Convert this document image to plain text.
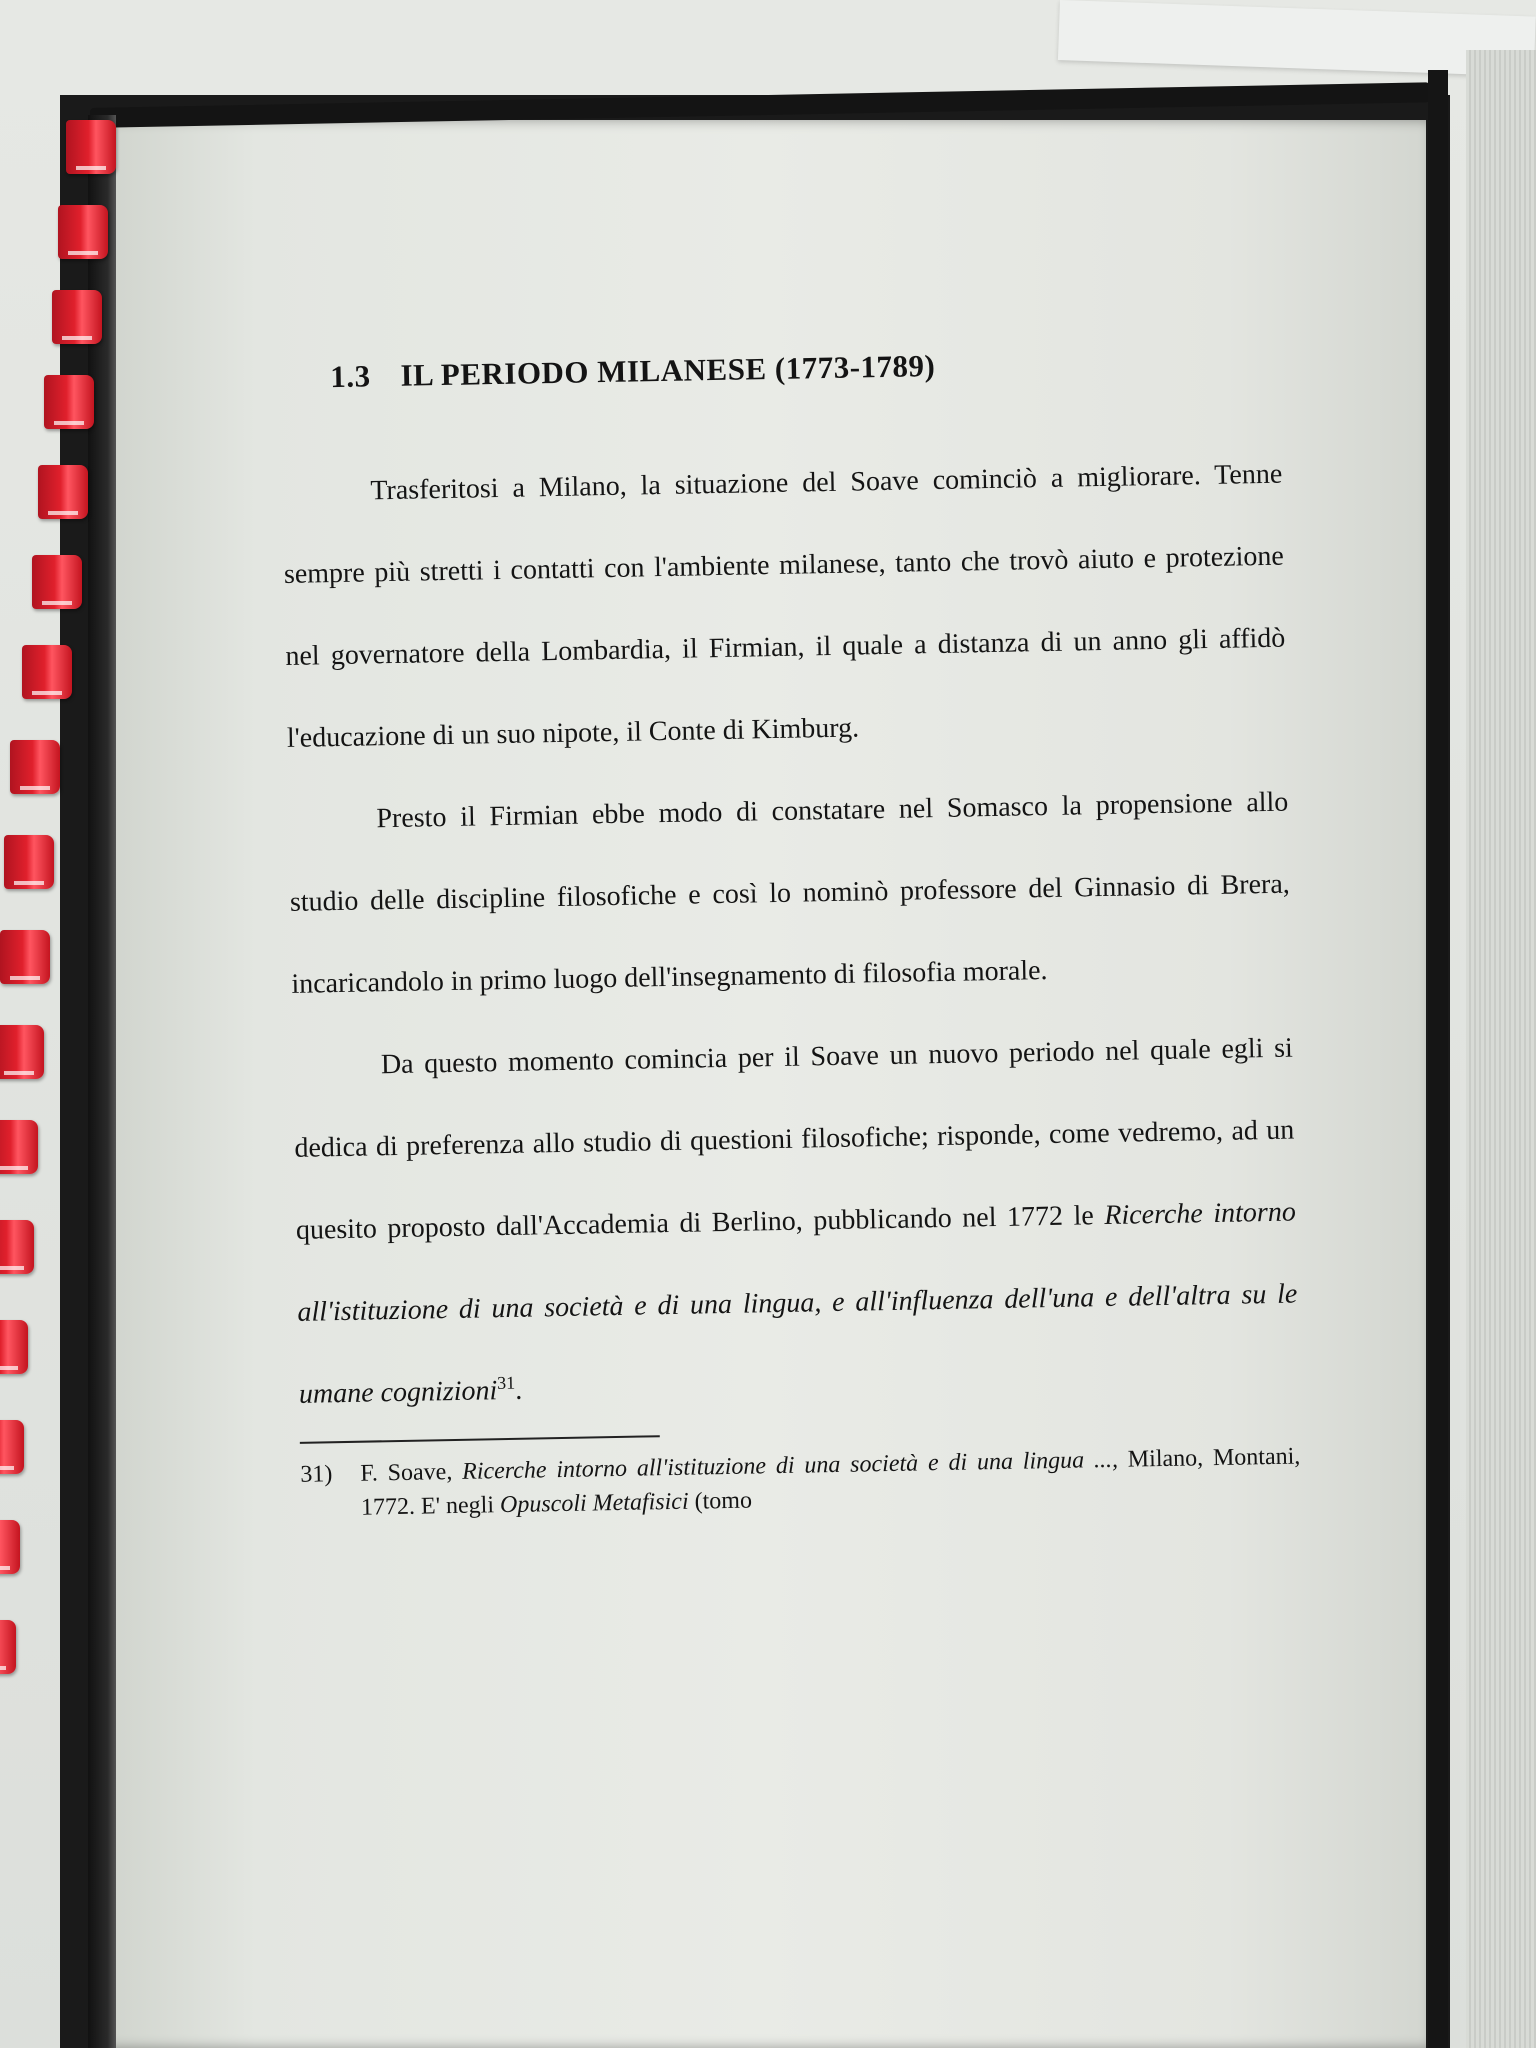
1.3 IL PERIODO MILANESE (1773-1789)

Trasferitosi a Milano, la situazione del Soave cominciò a migliorare. Tenne sempre più stretti i contatti con l'ambiente milanese, tanto che trovò aiuto e protezione nel governatore della Lombardia, il Firmian, il quale a distanza di un anno gli affidò l'educazione di un suo nipote, il Conte di Kimburg.

Presto il Firmian ebbe modo di constatare nel Somasco la propensione allo studio delle discipline filosofiche e così lo nominò professore del Ginnasio di Brera, incaricandolo in primo luogo dell'insegnamento di filosofia morale.

Da questo momento comincia per il Soave un nuovo periodo nel quale egli si dedica di preferenza allo studio di questioni filosofiche; risponde, come vedremo, ad un quesito proposto dall'Accademia di Berlino, pubblicando nel 1772 le Ricerche intorno all'istituzione di una società e di una lingua, e all'influenza dell'una e dell'altra su le umane cognizioni$^{31}$.

31)	F. Soave, Ricerche intorno all'istituzione di una società e di una lingua ..., Milano, Montani, 1772. E' negli Opuscoli Metafisici (tomo
